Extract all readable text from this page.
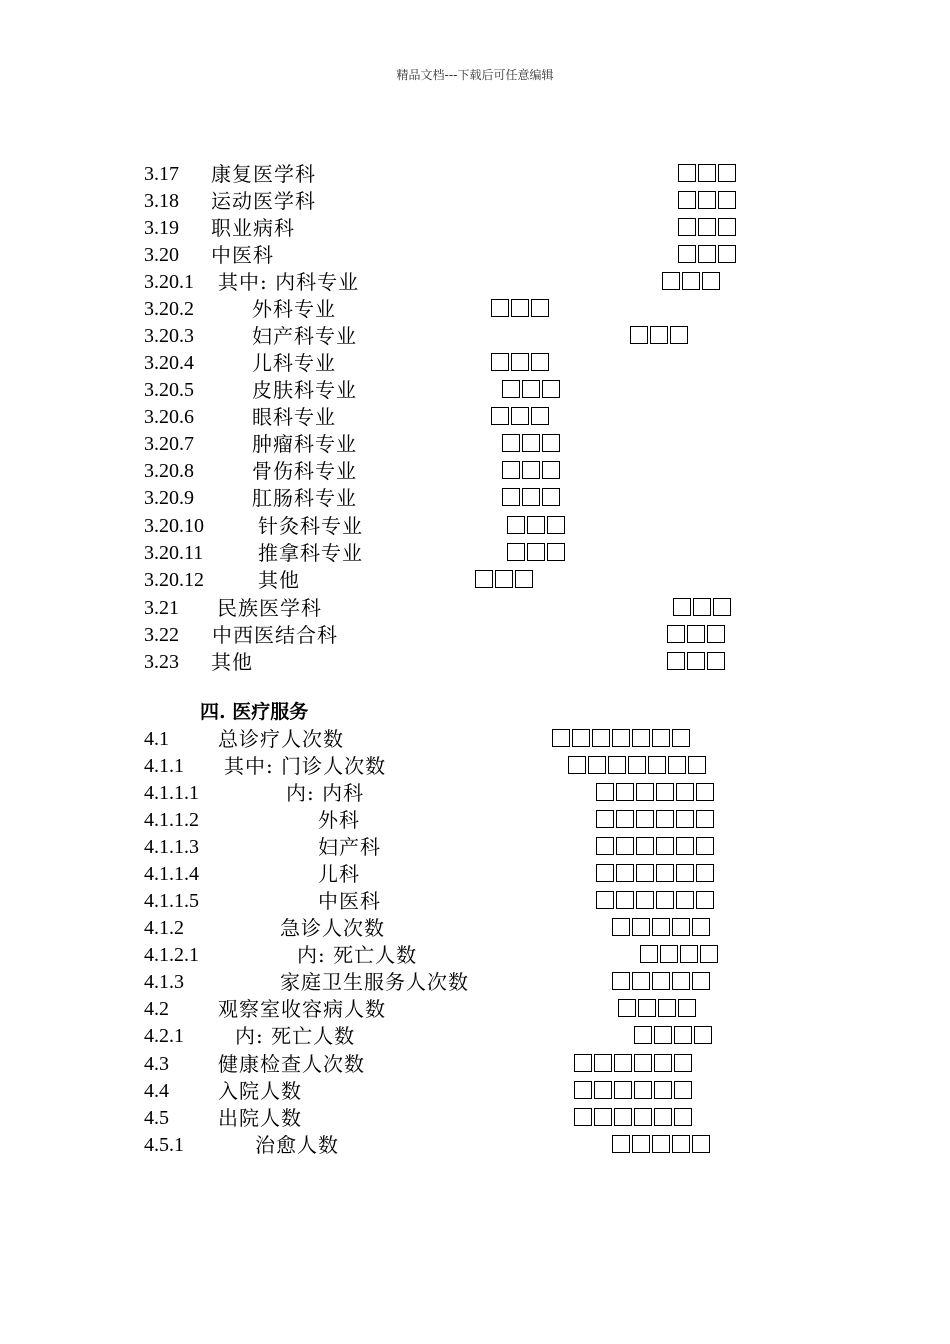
精品文档---下载后可任意编辑
3.17 康复医学科
3.18 运动医学科
3.19 职业病科
3.20 中医科
3.20.1 其中: 内科专业
3.20.2	外科专业
3.20.3	妇产科专业
3.20.4	儿科专业
3.20.5	皮肤科专业
3.20.6	眼科专业
3.20.7	肿瘤科专业
3.20.8	骨伤科专业
3.20.9	肛肠科专业
3.20.10	针灸科专业
3.20.11	推拿科专业
3.20.12	其他
3.21 民族医学科
3.22 中西医结合科
3.23 其他
4.1 总诊疗人次数
4.1.1 其中: 门诊人次数
4.1.1.1	内: 内科
4.1.1.2	外科
4.1.1.3	妇产科
4.1.1.4	儿科
4.1.1.5	中医科
4.1.2	急诊人次数
4.1.2.1	内: 死亡人数
4.1.3	家庭卫生服务人次数
4.2 观察室收容病人数
4.2.1	内: 死亡人数
4.3 健康检查人次数
4.4 入院人数
4.5 出院人数
4.5.1	治愈人数
四. 医疗服务
